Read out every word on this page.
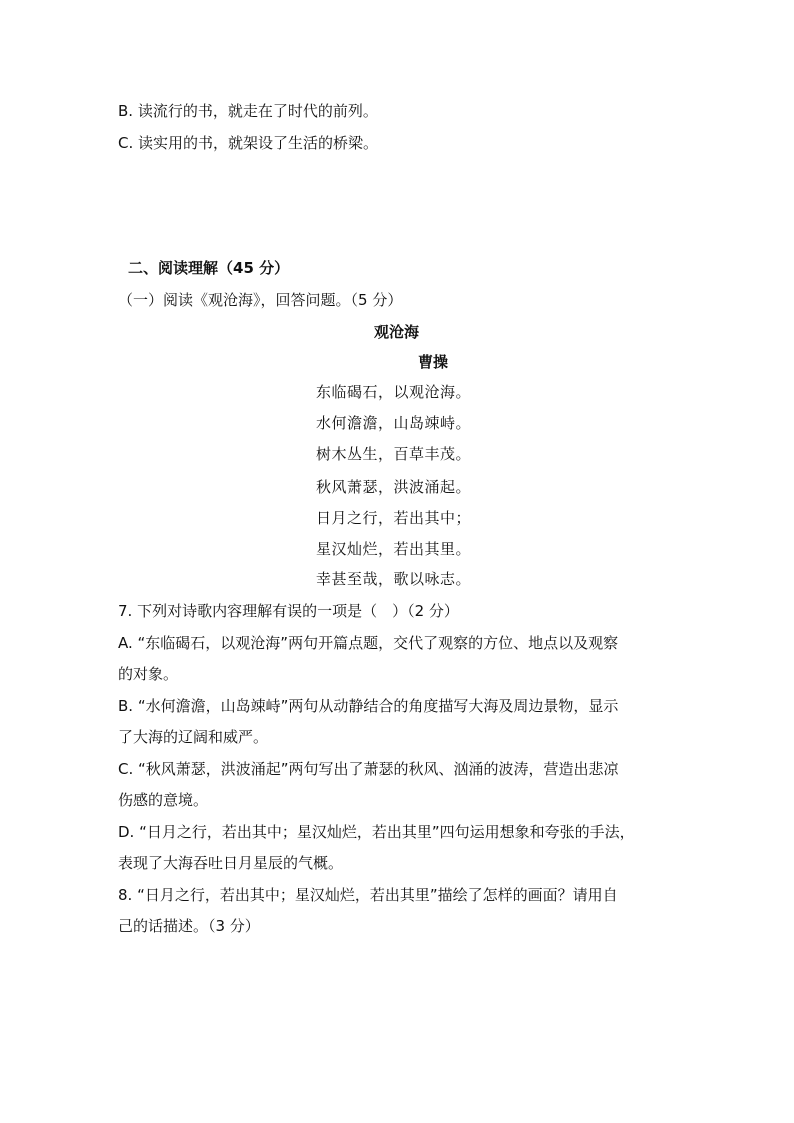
B. 读流行的书，就走在了时代的前列。
C. 读实用的书，就架设了生活的桥梁。
二、阅读理解（45 分）
（一）阅读《观沧海》，回答问题。（5 分）
观沧海
曹操
东临碣石，以观沧海。
水何澹澹，山岛竦峙。
树木丛生，百草丰茂。
秋风萧瑟，洪波涌起。
日月之行，若出其中；
星汉灿烂，若出其里。
幸甚至哉，歌以咏志。
7. 下列对诗歌内容理解有误的一项是（　）（2 分）
A. “东临碣石，以观沧海”两句开篇点题，交代了观察的方位、地点以及观察
的对象。
B. “水何澹澹，山岛竦峙”两句从动静结合的角度描写大海及周边景物，显示
了大海的辽阔和威严。
C. “秋风萧瑟，洪波涌起”两句写出了萧瑟的秋风、汹涌的波涛，营造出悲凉
伤感的意境。
D. “日月之行，若出其中；星汉灿烂，若出其里”四句运用想象和夸张的手法，
表现了大海吞吐日月星辰的气概。
8. “日月之行，若出其中；星汉灿烂，若出其里”描绘了怎样的画面？请用自
己的话描述。（3 分）
